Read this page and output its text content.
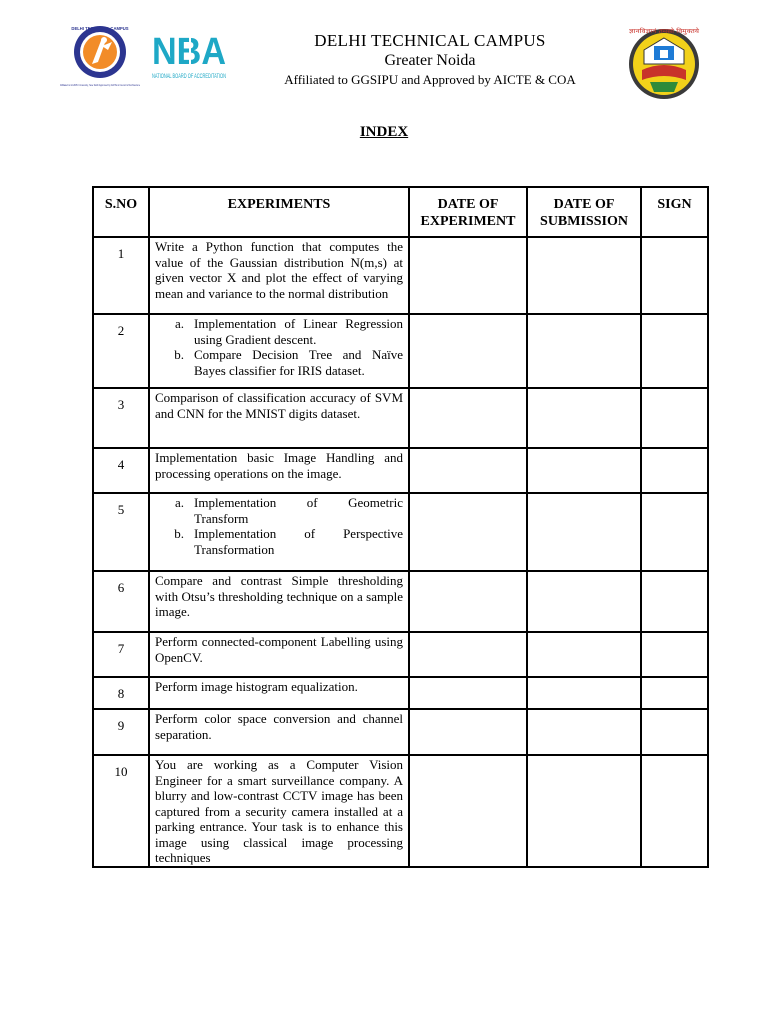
DELHI TECHNICAL CAMPUS
Affiliated to GGSIPU University, New Delhi Approved by AICTE & Council of Architecture
NBA
NATIONAL BOARD OF ACCREDITATION
DELHI TECHNICAL CAMPUS
Greater Noida
Affiliated to GGSIPU and Approved by AICTE & COA
ज्ञानविज्ञानं तमसो विमुक्तये
INDEX
S.NO	EXPERIMENTS	DATE OF EXPERIMENT	DATE OF SUBMISSION	SIGN
1	Write a Python function that computes the value of the Gaussian distribution N(m,s) at given vector X and plot the effect of varying mean and variance to the normal distribution			

2	a. Implementation of Linear Regression using Gradient descent.
b. Compare Decision Tree and Naïve Bayes classifier for IRIS dataset.			

3	Comparison of classification accuracy of SVM and CNN for the MNIST digits dataset.			

4	Implementation basic Image Handling and processing operations on the image.			

5	a. Implementation of Geometric Transform
b. Implementation of Perspective Transformation			

6	Compare and contrast Simple thresholding with Otsu’s thresholding technique on a sample image.			

7	Perform connected-component Labelling using OpenCV.			

8	Perform image histogram equalization.			

9	Perform color space conversion and channel separation.			

10	You are working as a Computer Vision Engineer for a smart surveillance company. A blurry and low-contrast CCTV image has been captured from a security camera installed at a parking entrance. Your task is to enhance this image using classical image processing techniques			
